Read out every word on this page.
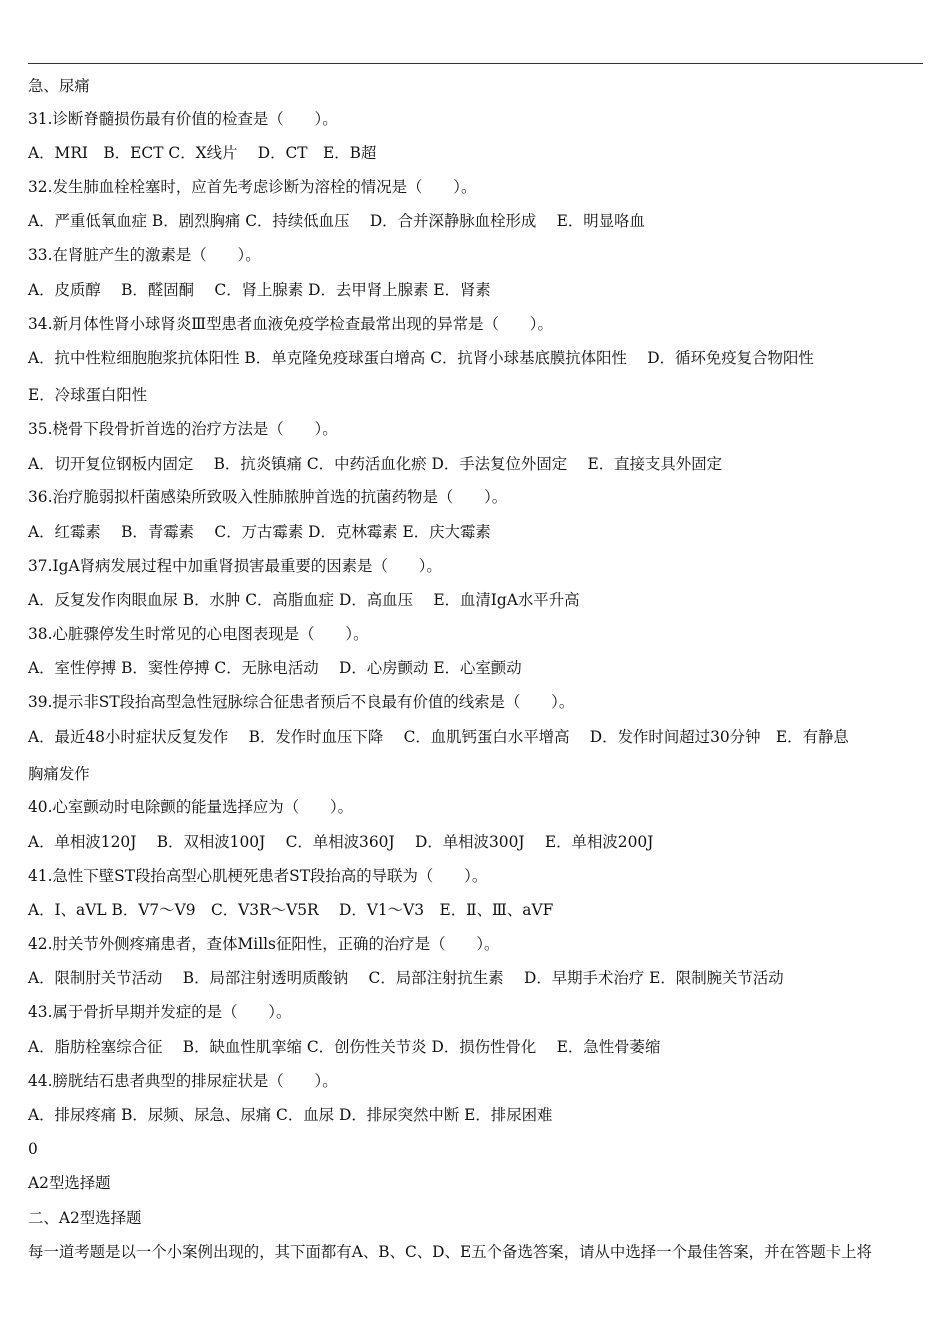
急、尿痛
31.诊断脊髓损伤最有价值的检查是（　　）。
A．MRI　B．ECT C．X线片　 D．CT　E．B超
32.发生肺血栓栓塞时，应首先考虑诊断为溶栓的情况是（　　）。
A．严重低氧血症 B．剧烈胸痛 C．持续低血压　 D．合并深静脉血栓形成　 E．明显咯血
33.在肾脏产生的激素是（　　）。
A．皮质醇　 B．醛固酮　 C．肾上腺素 D．去甲肾上腺素 E．肾素
34.新月体性肾小球肾炎Ⅲ型患者血液免疫学检查最常出现的异常是（　　）。
A．抗中性粒细胞胞浆抗体阳性 B．单克隆免疫球蛋白增高 C．抗肾小球基底膜抗体阳性　 D．循环免疫复合物阳性
E．冷球蛋白阳性
35.桡骨下段骨折首选的治疗方法是（　　）。
A．切开复位钢板内固定　 B．抗炎镇痛 C．中药活血化瘀 D．手法复位外固定　 E．直接支具外固定
36.治疗脆弱拟杆菌感染所致吸入性肺脓肿首选的抗菌药物是（　　）。
A．红霉素　 B．青霉素　 C．万古霉素 D．克林霉素 E．庆大霉素
37.IgA肾病发展过程中加重肾损害最重要的因素是（　　）。
A．反复发作肉眼血尿 B．水肿 C．高脂血症 D．高血压　 E．血清IgA水平升高
38.心脏骤停发生时常见的心电图表现是（　　）。
A．室性停搏 B．窦性停搏 C．无脉电活动　 D．心房颤动 E．心室颤动
39.提示非ST段抬高型急性冠脉综合征患者预后不良最有价值的线索是（　　）。
A．最近48小时症状反复发作　 B．发作时血压下降　 C．血肌钙蛋白水平增高　 D．发作时间超过30分钟　E．有静息
胸痛发作
40.心室颤动时电除颤的能量选择应为（　　）。
A．单相波120J　 B．双相波100J　 C．单相波360J　 D．单相波300J　 E．单相波200J
41.急性下壁ST段抬高型心肌梗死患者ST段抬高的导联为（　　）。
A．Ⅰ、aVL B．V7～V9　C．V3R～V5R　 D．V1～V3　E．Ⅱ、Ⅲ、aVF
42.肘关节外侧疼痛患者，查体Mills征阳性，正确的治疗是（　　）。
A．限制肘关节活动　 B．局部注射透明质酸钠　 C．局部注射抗生素　 D．早期手术治疗 E．限制腕关节活动
43.属于骨折早期并发症的是（　　）。
A．脂肪栓塞综合征　 B．缺血性肌挛缩 C．创伤性关节炎 D．损伤性骨化　 E．急性骨萎缩
44.膀胱结石患者典型的排尿症状是（　　）。
A．排尿疼痛 B．尿频、尿急、尿痛 C．血尿 D．排尿突然中断 E．排尿困难
0
A2型选择题
二、A2型选择题
每一道考题是以一个小案例出现的，其下面都有A、B、C、D、E五个备选答案，请从中选择一个最佳答案，并在答题卡上将
